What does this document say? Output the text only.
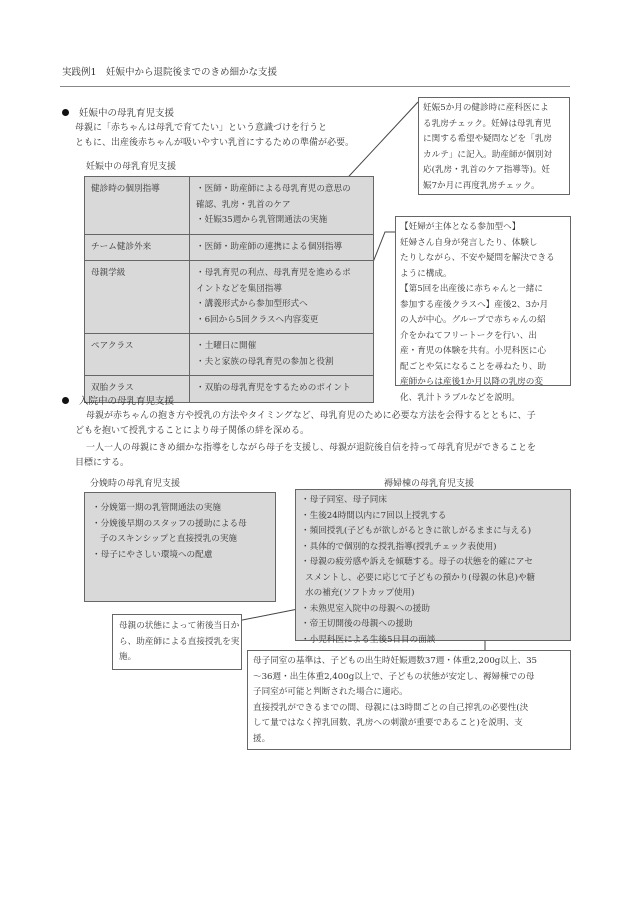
実践例1　妊娠中から退院後までのきめ細かな支援
妊娠中の母乳育児支援
母親に「赤ちゃんは母乳で育てたい」という意識づけを行うと
ともに、出産後赤ちゃんが吸いやすい乳首にするための準備が必要。
妊娠中の母乳育児支援
健診時の個別指導	・医師・助産師による母乳育児の意思の
確認、乳房・乳首のケア
・妊娠35週から乳管開通法の実施

チーム健診外来	・医師・助産師の連携による個別指導

母親学級	・母乳育児の利点、母乳育児を進めるポ
イントなどを集団指導
・講義形式から参加型形式へ
・6回から5回クラスへ内容変更

ペアクラス	・土曜日に開催
・夫と家族の母乳育児の参加と役割

双胎クラス	・双胎の母乳育児をするためのポイント
妊娠5か月の健診時に産科医によ
る乳房チェック。妊婦は母乳育児
に関する希望や疑問などを「乳房
カルテ」に記入。助産師が個別対
応(乳房・乳首のケア指導等)。妊
娠7か月に再度乳房チェック。
【妊婦が主体となる参加型へ】
妊婦さん自身が発言したり、体験し
たりしながら、不安や疑問を解決できる
ように構成。
【第5回を出産後に赤ちゃんと一緒に
参加する産後クラスへ】産後2、3か月
の人が中心。グループで赤ちゃんの紹
介をかねてフリートークを行い、出
産・育児の体験を共有。小児科医に心
配ごとや気になることを尋ねたり、助
産師からは産後1か月以降の乳房の変
化、乳汁トラブルなどを説明。
入院中の母乳育児支援
母親が赤ちゃんの抱き方や授乳の方法やタイミングなど、母乳育児のために必要な方法を会得するとともに、子
どもを抱いて授乳することにより母子関係の絆を深める。
一人一人の母親にきめ細かな指導をしながら母子を支援し、母親が退院後自信を持って母乳育児ができることを
目標にする。
分娩時の母乳育児支援	褥婦棟の母乳育児支援
・分娩第一期の乳管開通法の実施
・分娩後早期のスタッフの援助による母
子のスキンシップと直接授乳の実施
・母子にやさしい環境への配慮
・母子同室、母子同床
・生後24時間以内に7回以上授乳する
・頻回授乳(子どもが欲しがるときに欲しがるままに与える)
・具体的で個別的な授乳指導(授乳チェック表使用)
・母親の疲労感や訴えを傾聴する。母子の状態を的確にアセ
スメントし、必要に応じて子どもの預かり(母親の休息)や糖
水の補充(ソフトカップ使用)
・未熟児室入院中の母親への援助
・帝王切開後の母親への援助
・小児科医による生後5日目の面談
母親の状態によって術後当日か
ら、助産師による直接授乳を実
施。	母子同室の基準は、子どもの出生時妊娠週数37週・体重2,200g以上、35
〜36週・出生体重2,400g以上で、子どもの状態が安定し、褥婦棟での母
子同室が可能と判断された場合に適応。
直接授乳ができるまでの間、母親には3時間ごとの自己搾乳の必要性(決
して量ではなく搾乳回数、乳房への刺激が重要であること)を説明、支
援。
